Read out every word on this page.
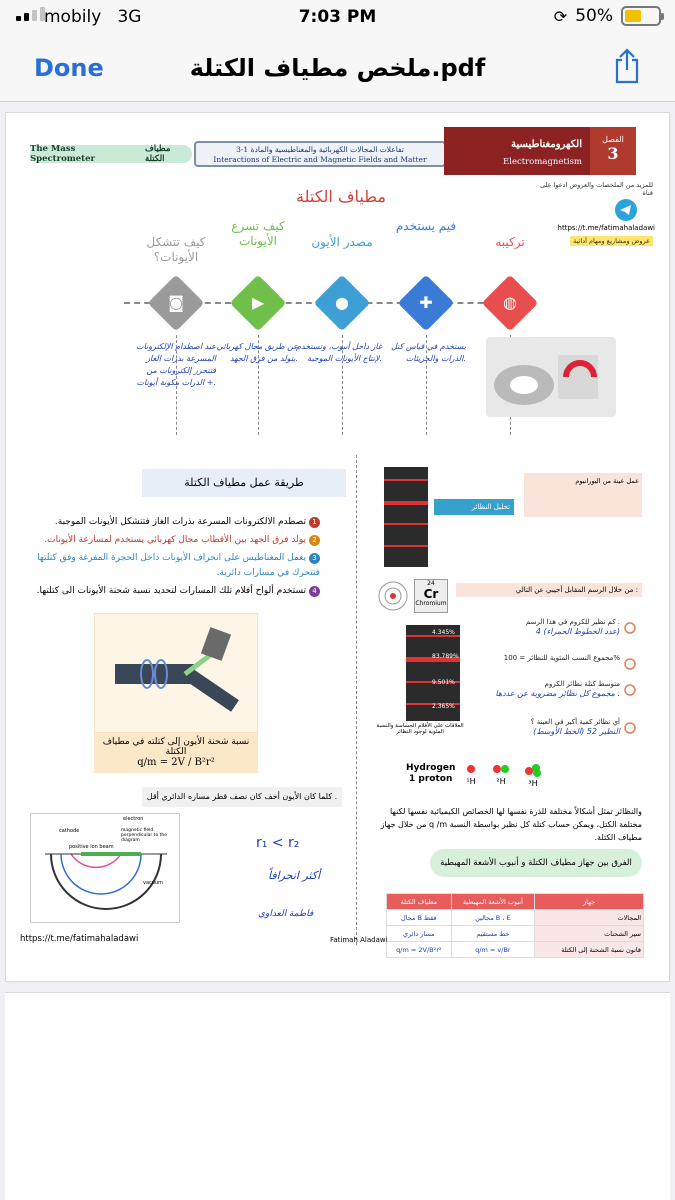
mobily 3G	7:03 PM	⟳ 50%
Done	ملخص مطياف الكتلة.pdf
The Mass Spectrometer
مطياف الكتلة
3-1 تفاعلات المجالات الكهربائية والمغناطيسية والمادة
Interactions of Electric and Magnetic Fields and Matter
الكهرومغناطيسية
Electromagnetism
الفصل
3
للمزيد من الملخصات والعروض ادعوا على قناة
https://t.me/fatimahaladawi
عروض ومشاريع ومهام أدائية
مطياف الكتلة
◙
كيف تتشكل الأيونات؟
عند اصطدام الإلكترونات المسرعة بذرات الغاز فتتحرر إلكترونات من الذرات مكونة أيونات +.
▶
كيف تسرع الأيونات
عن طريق مجال كهربائي يتولد من فرق الجهد.
●
مصدر الأيون
غاز داخل أنبوب، وتستخدم لإنتاج الأيونات الموجبة.
✚
فيم يستخدم
يستخدم في قياس كتل الذرات والجزيئات.
◍
تركيبه
طريقة عمل مطياف الكتلة
1تصطدم الالكترونات المسرعة بذرات الغاز فتتشكل الأيونات الموجبة.
2يولد فرق الجهد بين الأقطاب مجال كهربائي يستخدم لمسارعة الأيونات.
3يعمل المغناطيس على انحراف الأيونات داخل الحجرة المفرغة وفق كتلتها فتتحرك في مسارات دائرية.
4تستخدم ألواح أفلام تلك المسارات لتحديد نسبة شحنة الأيونات الى كتلتها.
نسبة شحنة الأيون إلى كتلته في مطياف الكتلة
q/m = 2V / B²r²
كلما كان الأيون أخف كان نصف قطر مساره الدائري أقل .
electron
cathode	magnetic field perpendicular to the diagram
positive ion beam
vacuum
r₁ < r₂
أكثر انحرافاً
https://t.me/fatimahaladawi
تحليل النظائر
عمل عينة من اليورانيوم
24
Cr
Chromium
من خلال الرسم المقابل أجيبي عن التالي :
4.345%
83.789%
9.501%
2.365%
50
51
52
53
54
55
العلاقات على الأفلام الحساسة والنسبة المئوية لوجود النظائر
كم نظير للكروم في هذا الرسم .
4 (عدد الخطوط الحمراء)
مجموع النسب المئوية للنظائر = 100%
متوسط كتلة نظائر الكروم
مجموع كل نظائر مضروبة عن عددها .
أي نظائر كمية أكبر في العينة ؟
النظير 52 (الخط الأوسط)
Hydrogen
1 proton	¹H	²H	³H
والنظائر تمثل أشكالاً مختلفة للذرة نفسها لها الخصائص الكيميائية نفسها لكنها مختلفة الكتل، ويمكن حساب كتلة كل نظير بواسطة النسبة q /m من خلال جهاز مطياف الكتلة.
الفرق بين جهاز مطياف الكتلة و أنبوب الأشعة المهبطية
مطياف الكتلة	أنبوب الأشعة المهبطية	جهاز
مجال B فقط	مجالين B ، E	المجالات
مسار دائري	خط مستقيم	سير الشحنات
q/m = 2V/B²r²	q/m = v/Br	قانون نسبة الشحنة إلى الكتلة
Fatimah Aladawi
فاطمة العداوي
